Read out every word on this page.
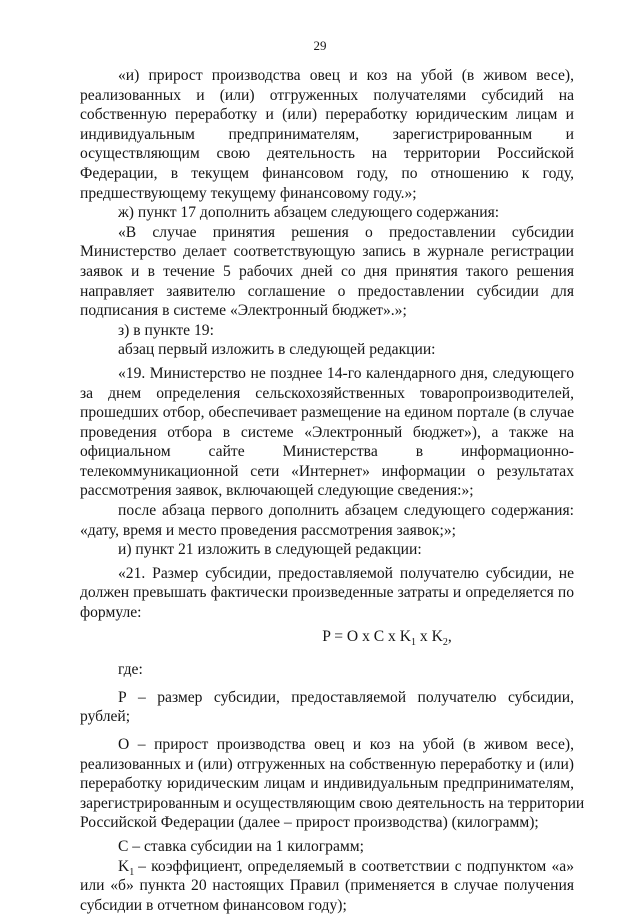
29
«и) прирост производства овец и коз на убой (в живом весе),
реализованных и (или) отгруженных получателями субсидий на
собственную переработку и (или) переработку юридическим лицам и
индивидуальным предпринимателям, зарегистрированным и
осуществляющим свою деятельность на территории Российской
Федерации, в текущем финансовом году, по отношению к году,
предшествующему текущему финансовому году.»;
ж) пункт 17 дополнить абзацем следующего содержания:
«В случае принятия решения о предоставлении субсидии
Министерство делает соответствующую запись в журнале регистрации
заявок и в течение 5 рабочих дней со дня принятия такого решения
направляет заявителю соглашение о предоставлении субсидии для
подписания в системе «Электронный бюджет».»;
з) в пункте 19:
абзац первый изложить в следующей редакции:
«19. Министерство не позднее 14-го календарного дня, следующего
за днем определения сельскохозяйственных товаропроизводителей,
прошедших отбор, обеспечивает размещение на едином портале (в случае
проведения отбора в системе «Электронный бюджет»), а также на
официальном сайте Министерства в информационно-
телекоммуникационной сети «Интернет» информации о результатах
рассмотрения заявок, включающей следующие сведения:»;
после абзаца первого дополнить абзацем следующего содержания:
«дату, время и место проведения рассмотрения заявок;»;
и) пункт 21 изложить в следующей редакции:
«21. Размер субсидии, предоставляемой получателю субсидии, не
должен превышать фактически произведенные затраты и определяется по
формуле:
P = O x C x $K_1$ x $K_2$,
где:
Р – размер субсидии, предоставляемой получателю субсидии,
рублей;
О – прирост производства овец и коз на убой (в живом весе),
реализованных и (или) отгруженных на собственную переработку и (или)
переработку юридическим лицам и индивидуальным предпринимателям,
зарегистрированным и осуществляющим свою деятельность на территории
Российской Федерации (далее – прирост производства) (килограмм);
С – ставка субсидии на 1 килограмм;
$K_1$ – коэффициент, определяемый в соответствии с подпунктом «а»
или «б» пункта 20 настоящих Правил (применяется в случае получения
субсидии в отчетном финансовом году);
